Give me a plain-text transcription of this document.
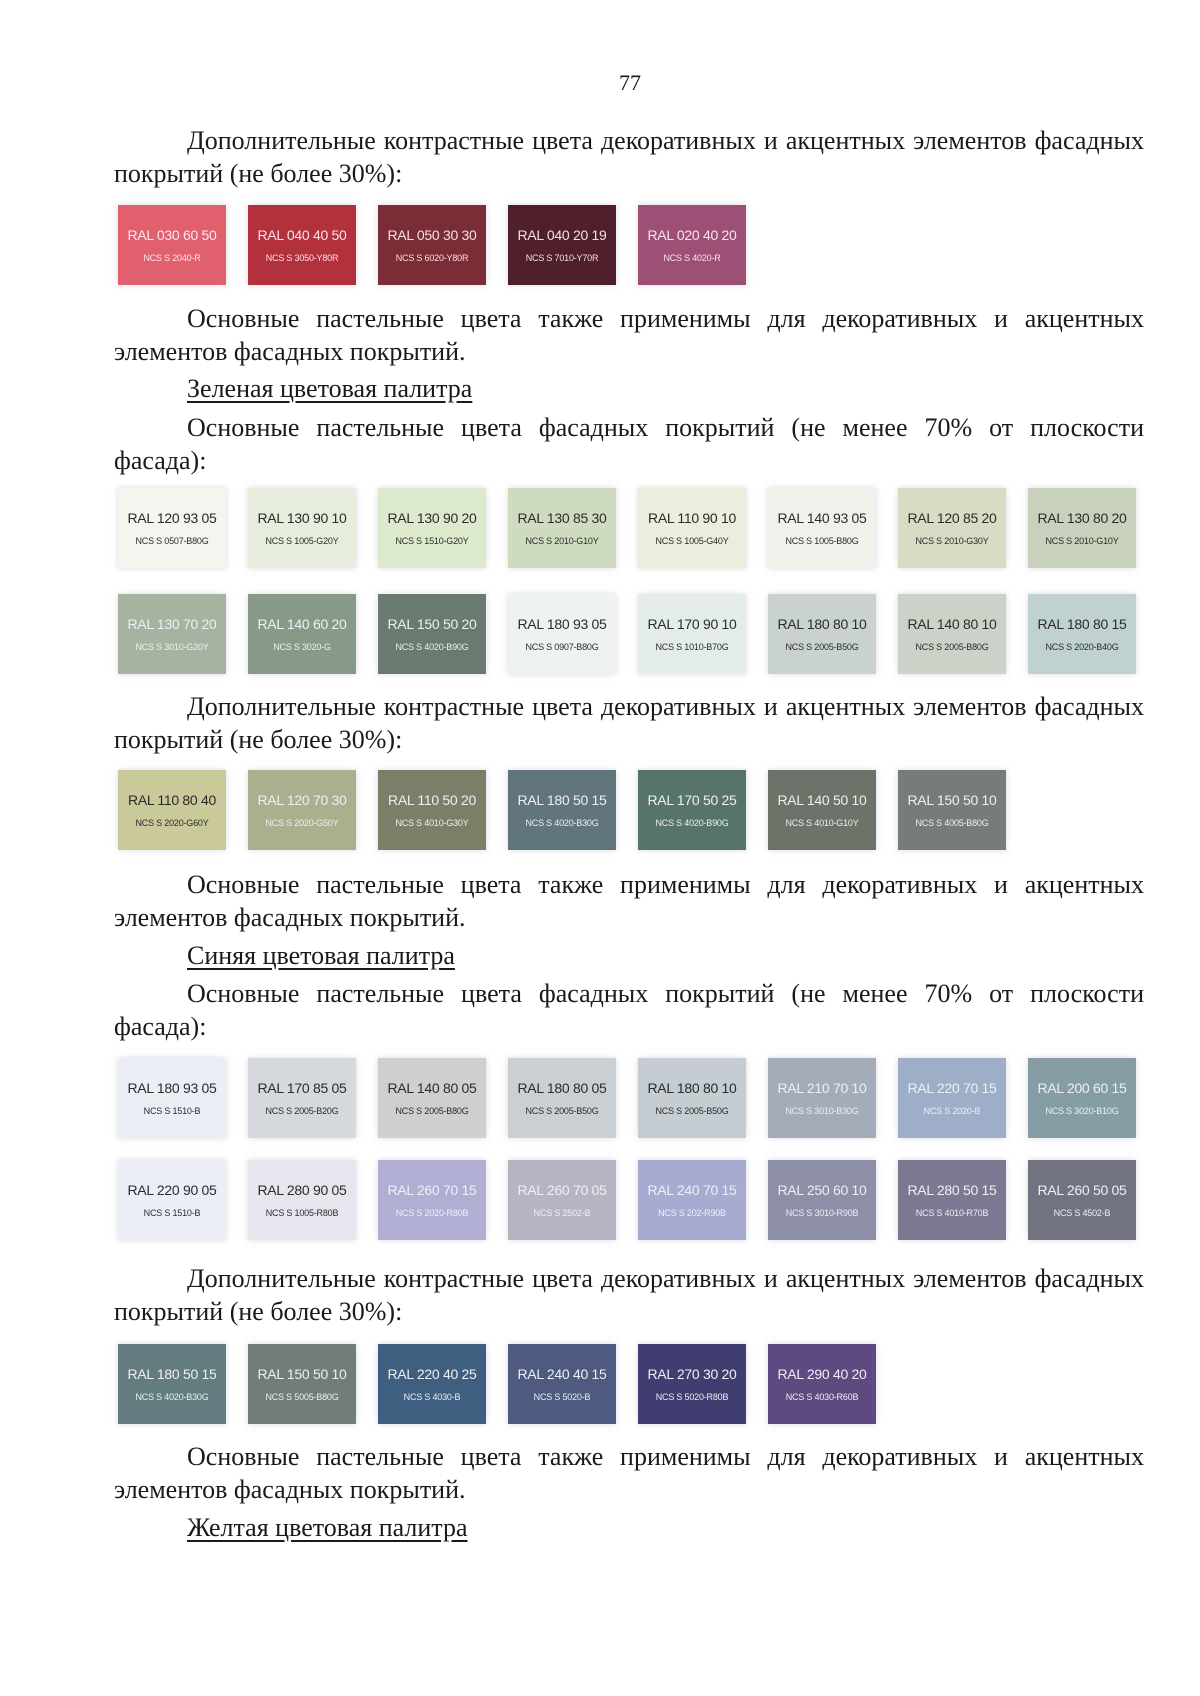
77

Дополнительные контрастные цвета декоративных и акцентных элементов фасадных покрытий (не более 30%):

RAL 030 60 50
NCS S 2040-R
RAL 040 40 50
NCS S 3050-Y80R
RAL 050 30 30
NCS S 6020-Y80R
RAL 040 20 19
NCS S 7010-Y70R
RAL 020 40 20
NCS S 4020-R

Основные пастельные цвета также применимы для декоративных и акцентных элементов фасадных покрытий.

Зеленая цветовая палитра

Основные пастельные цвета фасадных покрытий (не менее 70% от плоскости фасада):

RAL 120 93 05
NCS S 0507-B80G
RAL 130 90 10
NCS S 1005-G20Y
RAL 130 90 20
NCS S 1510-G20Y
RAL 130 85 30
NCS S 2010-G10Y
RAL 110 90 10
NCS S 1005-G40Y
RAL 140 93 05
NCS S 1005-B80G
RAL 120 85 20
NCS S 2010-G30Y
RAL 130 80 20
NCS S 2010-G10Y
RAL 130 70 20
NCS S 3010-G20Y
RAL 140 60 20
NCS S 3020-G
RAL 150 50 20
NCS S 4020-B90G
RAL 180 93 05
NCS S 0907-B80G
RAL 170 90 10
NCS S 1010-B70G
RAL 180 80 10
NCS S 2005-B50G
RAL 140 80 10
NCS S 2005-B80G
RAL 180 80 15
NCS S 2020-B40G

Дополнительные контрастные цвета декоративных и акцентных элементов фасадных покрытий (не более 30%):

RAL 110 80 40
NCS S 2020-G60Y
RAL 120 70 30
NCS S 2020-G50Y
RAL 110 50 20
NCS S 4010-G30Y
RAL 180 50 15
NCS S 4020-B30G
RAL 170 50 25
NCS S 4020-B90G
RAL 140 50 10
NCS S 4010-G10Y
RAL 150 50 10
NCS S 4005-B80G

Основные пастельные цвета также применимы для декоративных и акцентных элементов фасадных покрытий.

Синяя цветовая палитра

Основные пастельные цвета фасадных покрытий (не менее 70% от плоскости фасада):

RAL 180 93 05
NCS S 1510-B
RAL 170 85 05
NCS S 2005-B20G
RAL 140 80 05
NCS S 2005-B80G
RAL 180 80 05
NCS S 2005-B50G
RAL 180 80 10
NCS S 2005-B50G
RAL 210 70 10
NCS S 3010-B30G
RAL 220 70 15
NCS S 2020-B
RAL 200 60 15
NCS S 3020-B10G
RAL 220 90 05
NCS S 1510-B
RAL 280 90 05
NCS S 1005-R80B
RAL 260 70 15
NCS S 2020-R80B
RAL 260 70 05
NCS S 2502-B
RAL 240 70 15
NCS S 202-R90B
RAL 250 60 10
NCS S 3010-R90B
RAL 280 50 15
NCS S 4010-R70B
RAL 260 50 05
NCS S 4502-B

Дополнительные контрастные цвета декоративных и акцентных элементов фасадных покрытий (не более 30%):

RAL 180 50 15
NCS S 4020-B30G
RAL 150 50 10
NCS S 5005-B80G
RAL 220 40 25
NCS S 4030-B
RAL 240 40 15
NCS S 5020-B
RAL 270 30 20
NCS S 5020-R80B
RAL 290 40 20
NCS S 4030-R60B

Основные пастельные цвета также применимы для декоративных и акцентных элементов фасадных покрытий.

Желтая цветовая палитра
